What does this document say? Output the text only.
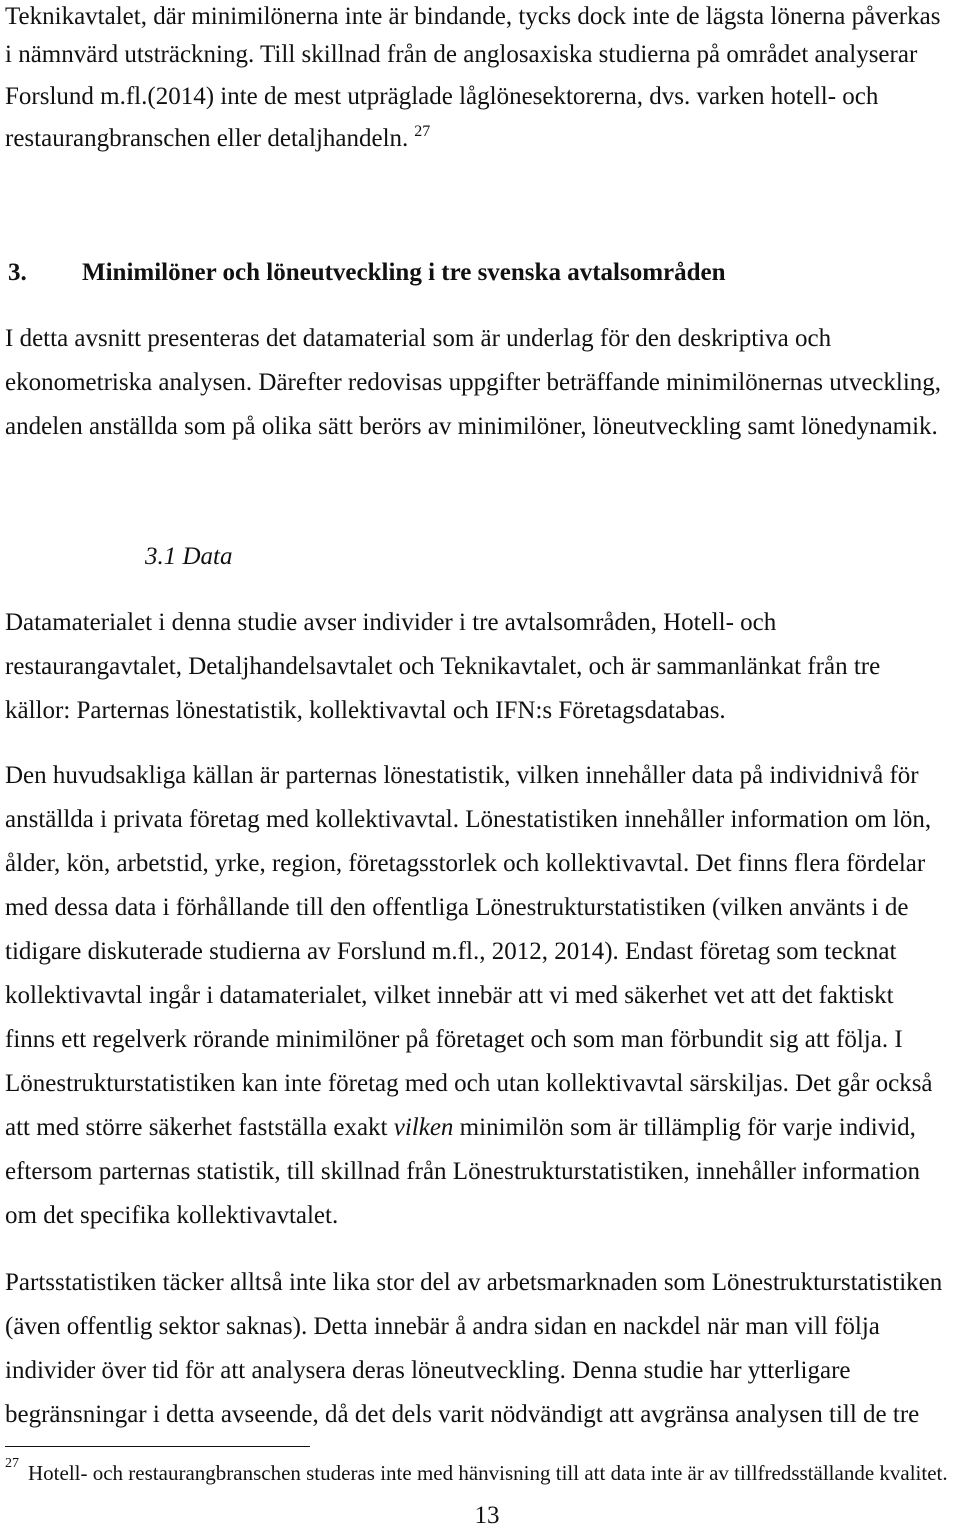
Teknikavtalet, där minimilönerna inte är bindande, tycks dock inte de lägsta lönerna påverkas
i nämnvärd utsträckning. Till skillnad från de anglosaxiska studierna på området analyserar
Forslund m.fl.(2014) inte de mest utpräglade låglönesektorerna, dvs. varken hotell- och
restaurangbranschen eller detaljhandeln. $^{27}$
3. Minimilöner och löneutveckling i tre svenska avtalsområden
I detta avsnitt presenteras det datamaterial som är underlag för den deskriptiva och
ekonometriska analysen. Därefter redovisas uppgifter beträffande minimilönernas utveckling,
andelen anställda som på olika sätt berörs av minimilöner, löneutveckling samt lönedynamik.
3.1 Data
Datamaterialet i denna studie avser individer i tre avtalsområden, Hotell- och
restaurangavtalet, Detaljhandelsavtalet och Teknikavtalet, och är sammanlänkat från tre
källor: Parternas lönestatistik, kollektivavtal och IFN:s Företagsdatabas.
Den huvudsakliga källan är parternas lönestatistik, vilken innehåller data på individnivå för
anställda i privata företag med kollektivavtal. Lönestatistiken innehåller information om lön,
ålder, kön, arbetstid, yrke, region, företagsstorlek och kollektivavtal. Det finns flera fördelar
med dessa data i förhållande till den offentliga Lönestrukturstatistiken (vilken använts i de
tidigare diskuterade studierna av Forslund m.fl., 2012, 2014). Endast företag som tecknat
kollektivavtal ingår i datamaterialet, vilket innebär att vi med säkerhet vet att det faktiskt
finns ett regelverk rörande minimilöner på företaget och som man förbundit sig att följa. I
Lönestrukturstatistiken kan inte företag med och utan kollektivavtal särskiljas. Det går också
att med större säkerhet fastställa exakt vilken minimilön som är tillämplig för varje individ,
eftersom parternas statistik, till skillnad från Lönestrukturstatistiken, innehåller information
om det specifika kollektivavtalet.
Partsstatistiken täcker alltså inte lika stor del av arbetsmarknaden som Lönestrukturstatistiken
(även offentlig sektor saknas). Detta innebär å andra sidan en nackdel när man vill följa
individer över tid för att analysera deras löneutveckling. Denna studie har ytterligare
begränsningar i detta avseende, då det dels varit nödvändigt att avgränsa analysen till de tre
27 Hotell- och restaurangbranschen studeras inte med hänvisning till att data inte är av tillfredsställande kvalitet.
13
